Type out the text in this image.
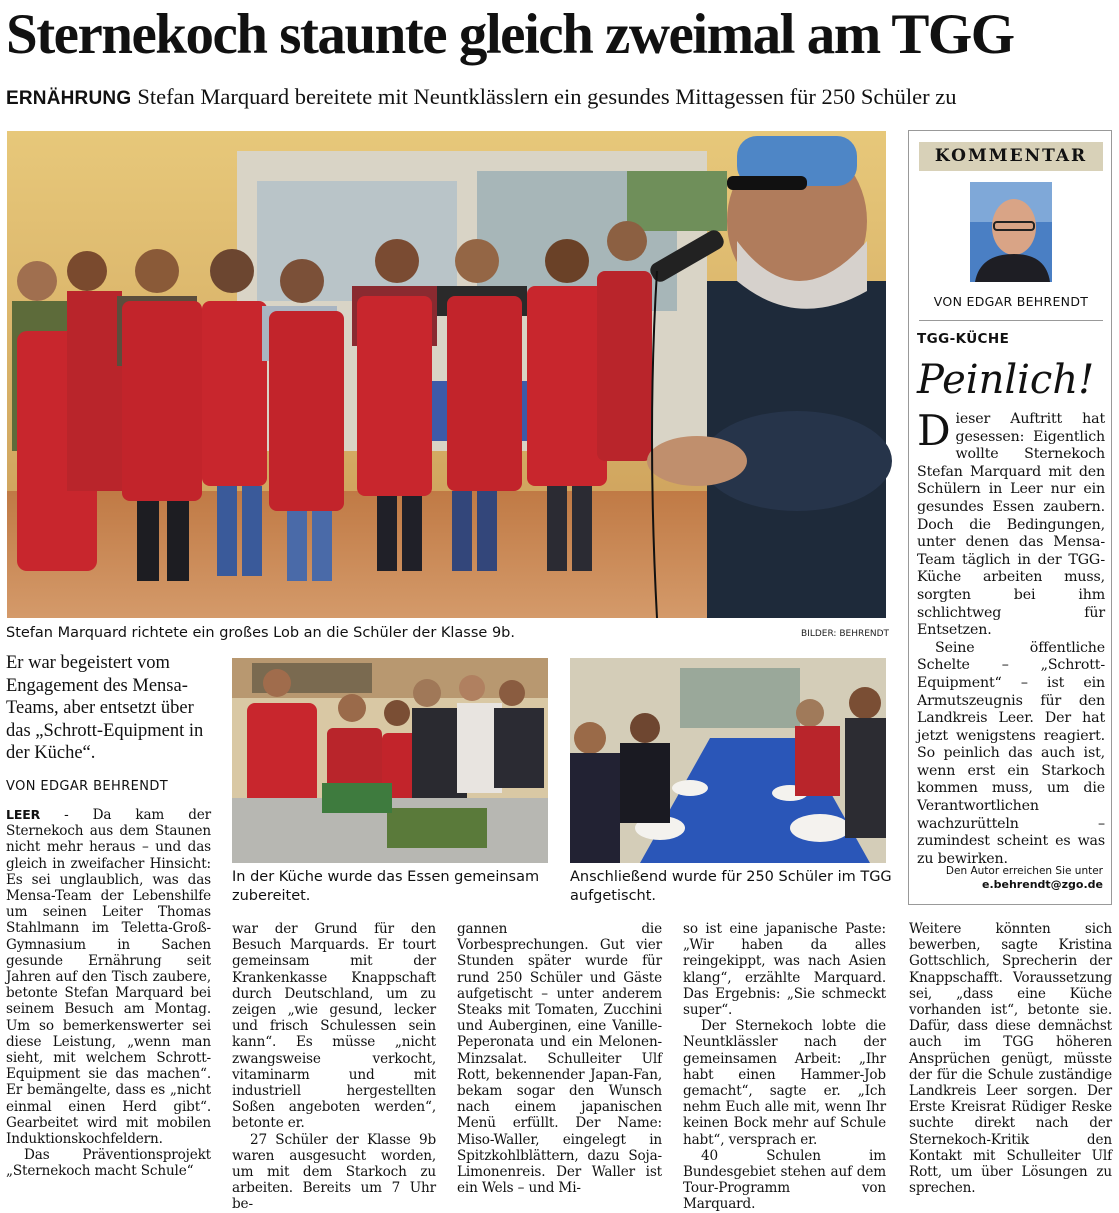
Sternekoch staunte gleich zweimal am TGG
ERNÄHRUNG Stefan Marquard bereitete mit Neuntklässlern ein gesundes Mittagessen für 250 Schüler zu
Stefan Marquard richtete ein großes Lob an die Schüler der Klasse 9b.	BILDER: BEHRENDT
Er war begeistert vom Engagement des Mensa-Teams, aber entsetzt über das „Schrott-Equipment in der Küche“.
VON EDGAR BEHRENDT
In der Küche wurde das Essen gemeinsam zubereitet.
Anschließend wurde für 250 Schüler im TGG aufgetischt.

LEER - Da kam der Sternekoch aus dem Staunen nicht mehr heraus – und das gleich in zweifacher Hinsicht: Es sei unglaublich, was das Mensa-Team der Lebenshilfe um seinen Leiter Thomas Stahlmann im Teletta-Groß-Gymnasium in Sachen gesunde Ernährung seit Jahren auf den Tisch zaubere, betonte Stefan Marquard bei seinem Besuch am Montag. Um so bemerkenswerter sei diese Leistung, „wenn man sieht, mit welchem Schrott-Equipment sie das machen“. Er bemängelte, dass es „nicht einmal einen Herd gibt“. Gearbeitet wird mit mobilen Induktionskochfeldern.

Das Präventionsprojekt „Sternekoch macht Schule“

war der Grund für den Besuch Marquards. Er tourt gemeinsam mit der Krankenkasse Knappschaft durch Deutschland, um zu zeigen „wie gesund, lecker und frisch Schulessen sein kann“. Es müsse „nicht zwangsweise verkocht, vitaminarm und mit industriell hergestellten Soßen angeboten werden“, betonte er.

27 Schüler der Klasse 9b waren ausgesucht worden, um mit dem Starkoch zu arbeiten. Bereits um 7 Uhr be-

gannen die Vorbesprechungen. Gut vier Stunden später wurde für rund 250 Schüler und Gäste aufgetischt – unter anderem Steaks mit Tomaten, Zucchini und Auberginen, eine Vanille-Peperonata und ein Melonen-Minzsalat. Schulleiter Ulf Rott, bekennender Japan-Fan, bekam sogar den Wunsch nach einem japanischen Menü erfüllt. Der Name: Miso-Waller, eingelegt in Spitzkohlblättern, dazu Soja-Limonenreis. Der Waller ist ein Wels – und Mi-

so ist eine japanische Paste: „Wir haben da alles reingekippt, was nach Asien klang“, erzählte Marquard. Das Ergebnis: „Sie schmeckt super“.

Der Sternekoch lobte die Neuntklässler nach der gemeinsamen Arbeit: „Ihr habt einen Hammer-Job gemacht“, sagte er. „Ich nehm Euch alle mit, wenn Ihr keinen Bock mehr auf Schule habt“, versprach er.

40 Schulen im Bundesgebiet stehen auf dem Tour-Programm von Marquard.

Weitere könnten sich bewerben, sagte Kristina Gottschlich, Sprecherin der Knappschafft. Voraussetzung sei, „dass eine Küche vorhanden ist“, betonte sie. Dafür, dass diese demnächst auch im TGG höheren Ansprüchen genügt, müsste der für die Schule zuständige Landkreis Leer sorgen. Der Erste Kreisrat Rüdiger Reske suchte direkt nach der Sternekoch-Kritik den Kontakt mit Schulleiter Ulf Rott, um über Lösungen zu sprechen.

KOMMENTAR
VON EDGAR BEHRENDT
TGG-KÜCHE
Peinlich!

Dieser Auftritt hat gesessen: Eigentlich wollte Sternekoch Stefan Marquard mit den Schülern in Leer nur ein gesundes Essen zaubern. Doch die Bedingungen, unter denen das Mensa-Team täglich in der TGG-Küche arbeiten muss, sorgten bei ihm schlichtweg für Entsetzen.

Seine öffentliche Schelte – „Schrott-Equipment“ – ist ein Armutszeugnis für den Landkreis Leer. Der hat jetzt wenigstens reagiert. So peinlich das auch ist, wenn erst ein Starkoch kommen muss, um die Verantwortlichen wachzurütteln – zumindest scheint es was zu bewirken.

Den Autor erreichen Sie unter
e.behrendt@zgo.de
